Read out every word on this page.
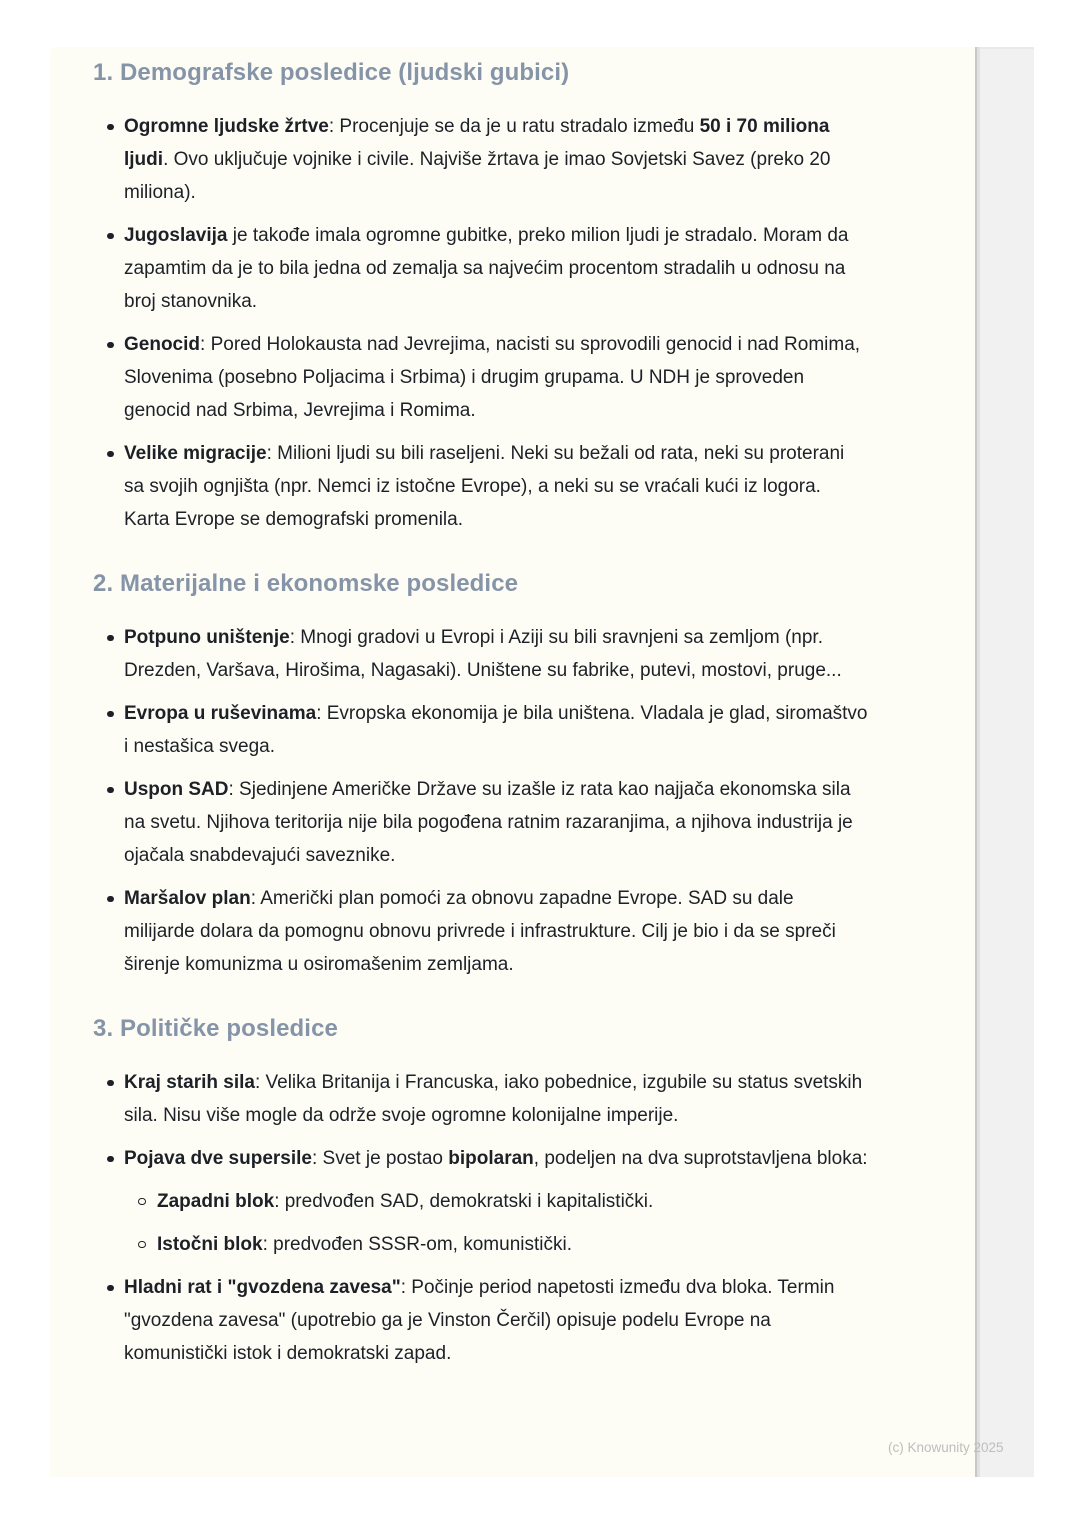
1. Demografske posledice (ljudski gubici)
Ogromne ljudske žrtve: Procenjuje se da je u ratu stradalo između 50 i 70 miliona ljudi. Ovo uključuje vojnike i civile. Najviše žrtava je imao Sovjetski Savez (preko 20 miliona).
Jugoslavija je takođe imala ogromne gubitke, preko milion ljudi je stradalo. Moram da zapamtim da je to bila jedna od zemalja sa najvećim procentom stradalih u odnosu na broj stanovnika.
Genocid: Pored Holokausta nad Jevrejima, nacisti su sprovodili genocid i nad Romima, Slovenima (posebno Poljacima i Srbima) i drugim grupama. U NDH je sproveden genocid nad Srbima, Jevrejima i Romima.
Velike migracije: Milioni ljudi su bili raseljeni. Neki su bežali od rata, neki su proterani sa svojih ognjišta (npr. Nemci iz istočne Evrope), a neki su se vraćali kući iz logora. Karta Evrope se demografski promenila.
2. Materijalne i ekonomske posledice
Potpuno uništenje: Mnogi gradovi u Evropi i Aziji su bili sravnjeni sa zemljom (npr. Drezden, Varšava, Hirošima, Nagasaki). Uništene su fabrike, putevi, mostovi, pruge...
Evropa u ruševinama: Evropska ekonomija je bila uništena. Vladala je glad, siromaštvo i nestašica svega.
Uspon SAD: Sjedinjene Američke Države su izašle iz rata kao najjača ekonomska sila na svetu. Njihova teritorija nije bila pogođena ratnim razaranjima, a njihova industrija je ojačala snabdevajući saveznike.
Maršalov plan: Američki plan pomoći za obnovu zapadne Evrope. SAD su dale milijarde dolara da pomognu obnovu privrede i infrastrukture. Cilj je bio i da se spreči širenje komunizma u osiromašenim zemljama.
3. Političke posledice
Kraj starih sila: Velika Britanija i Francuska, iako pobednice, izgubile su status svetskih sila. Nisu više mogle da održe svoje ogromne kolonijalne imperije.
Pojava dve supersile: Svet je postao bipolaran, podeljen na dva suprotstavljena bloka:
Zapadni blok: predvođen SAD, demokratski i kapitalistički.
Istočni blok: predvođen SSSR-om, komunistički.
Hladni rat i "gvozdena zavesa": Počinje period napetosti između dva bloka. Termin "gvozdena zavesa" (upotrebio ga je Vinston Čerčil) opisuje podelu Evrope na komunistički istok i demokratski zapad.
(c) Knowunity 2025
